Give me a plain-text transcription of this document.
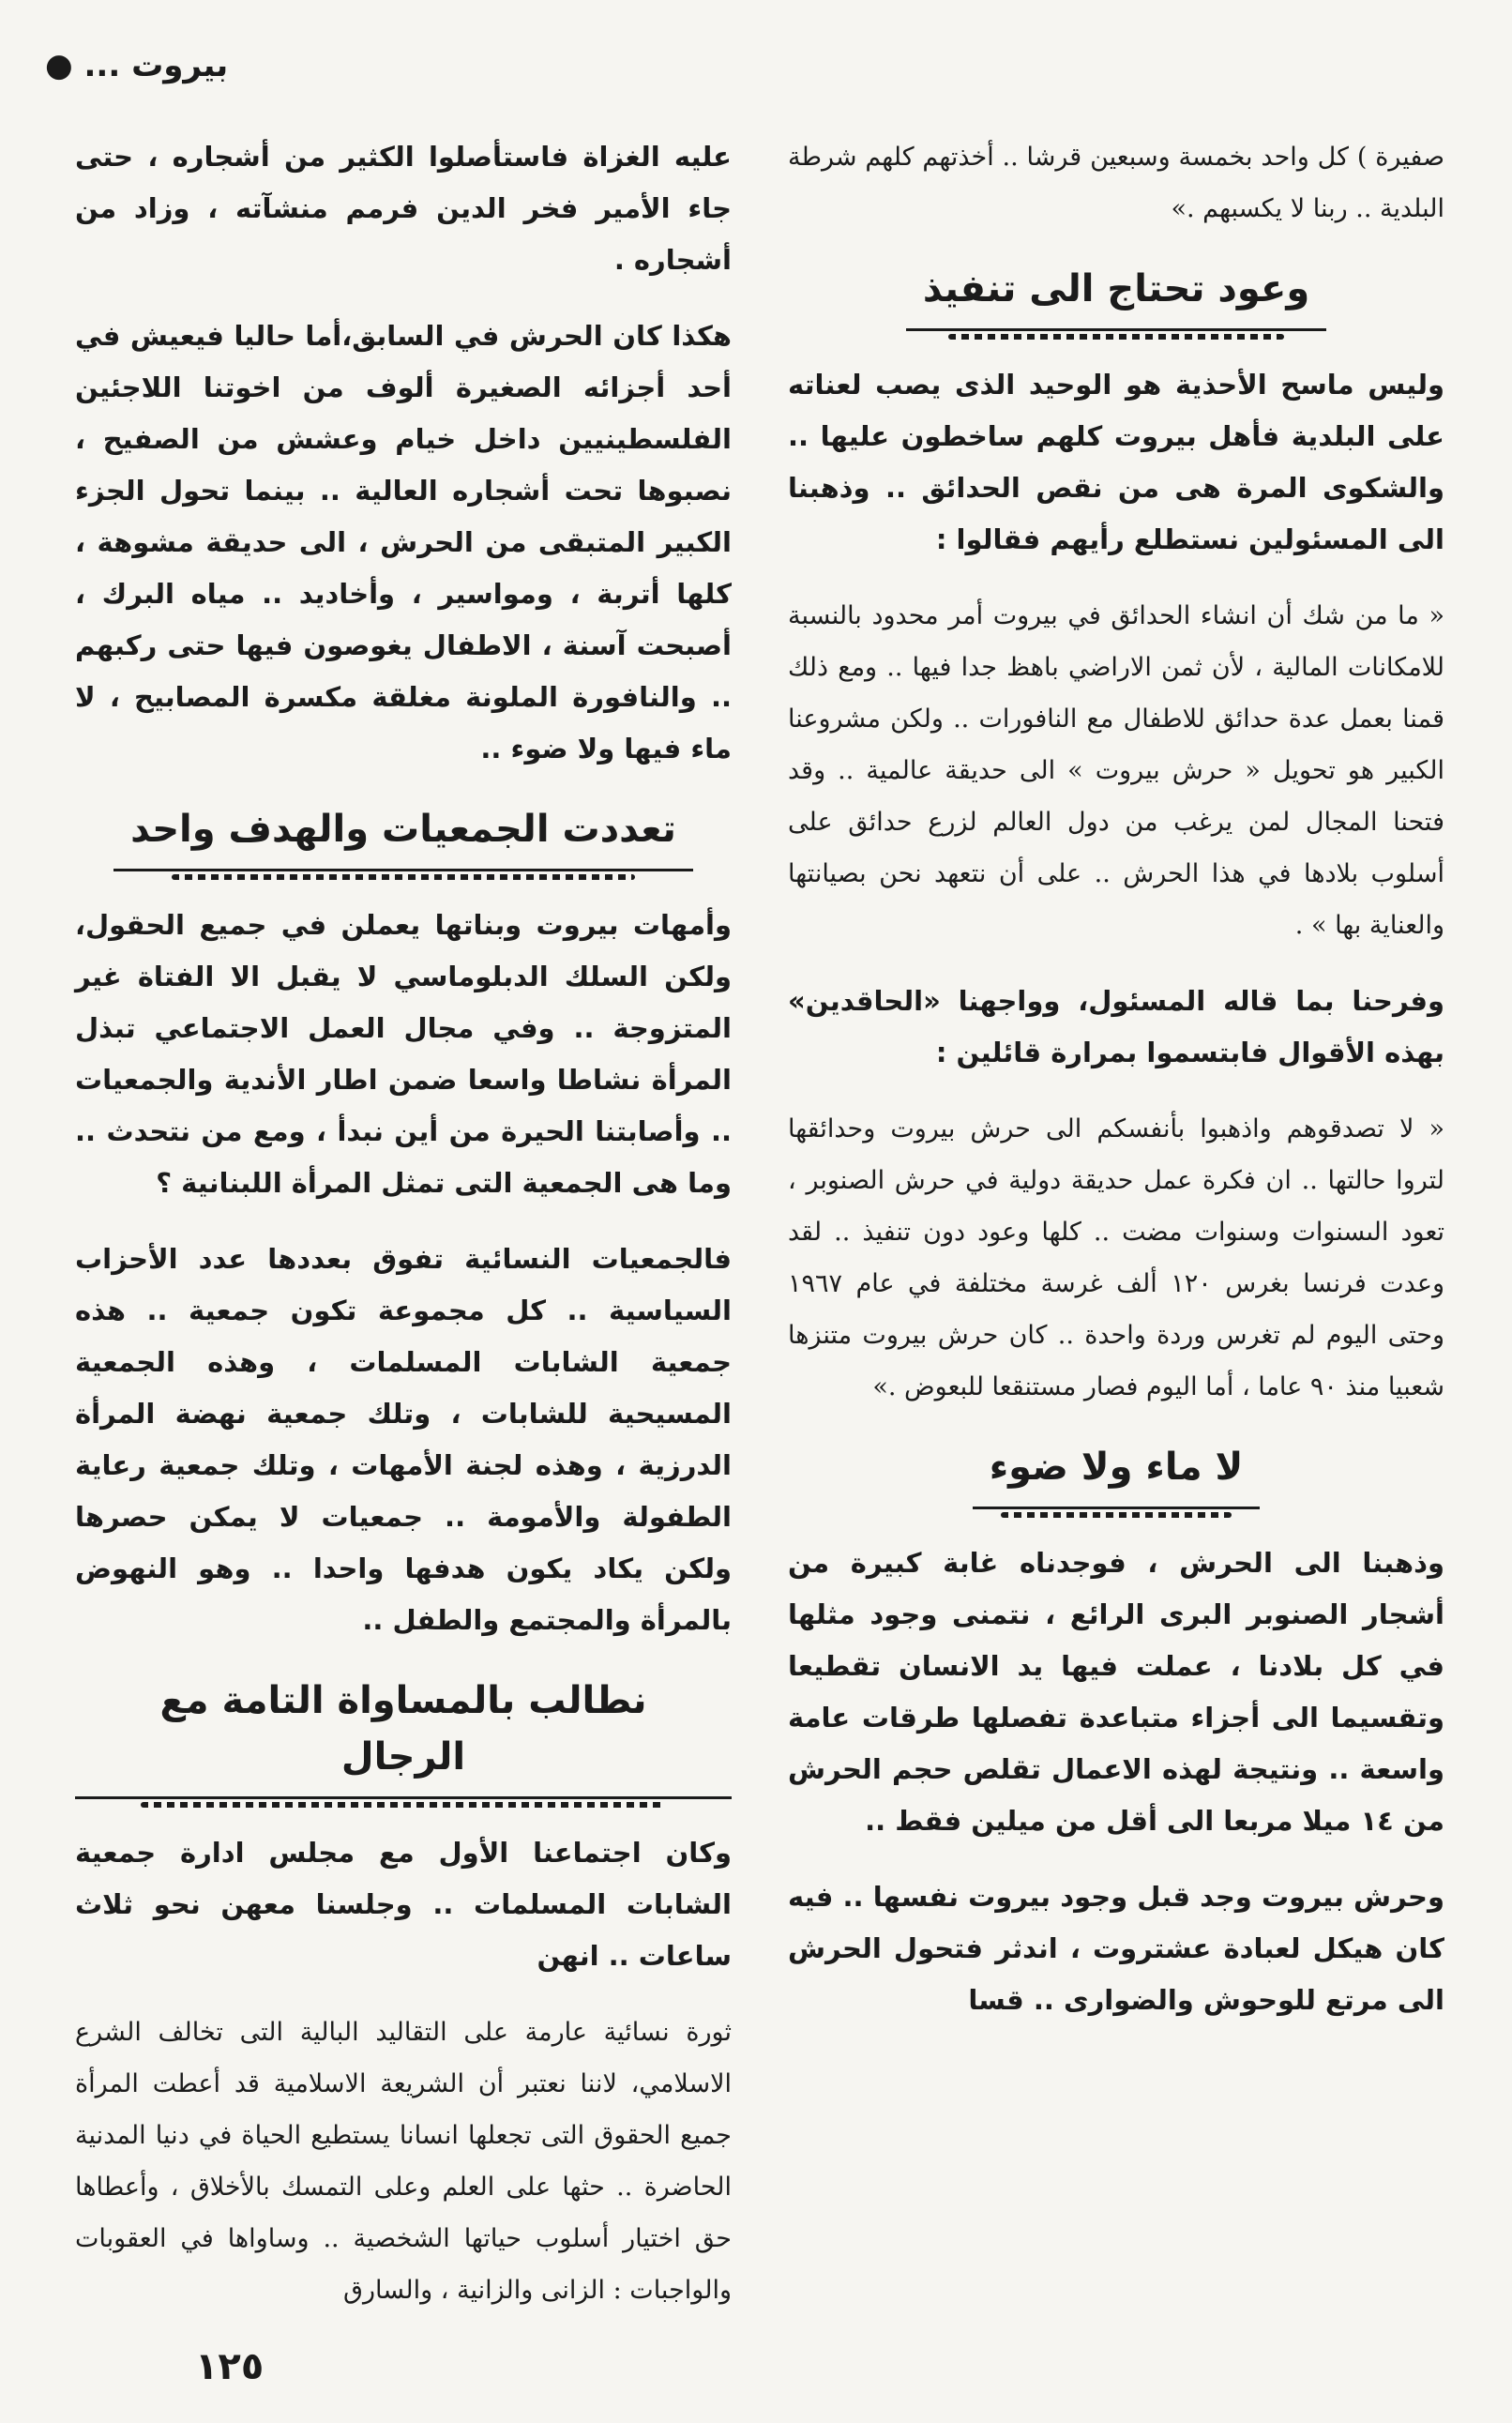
بيروت ... ●

صفيرة ) كل واحد بخمسة وسبعين قرشا .. أخذتهم كلهم شرطة البلدية .. ربنا لا يكسبهم .»

وعود تحتاج الى تنفيذ

وليس ماسح الأحذية هو الوحيد الذى يصب لعناته على البلدية فأهل بيروت كلهم ساخطون عليها .. والشكوى المرة هى من نقص الحدائق .. وذهبنا الى المسئولين نستطلع رأيهم فقالوا :

« ما من شك أن انشاء الحدائق في بيروت أمر محدود بالنسبة للامكانات المالية ، لأن ثمن الاراضي باهظ جدا فيها .. ومع ذلك قمنا بعمل عدة حدائق للاطفال مع النافورات .. ولكن مشروعنا الكبير هو تحويل « حرش بيروت » الى حديقة عالمية .. وقد فتحنا المجال لمن يرغب من دول العالم لزرع حدائق على أسلوب بلادها في هذا الحرش .. على أن نتعهد نحن بصيانتها والعناية بها » .

وفرحنا بما قاله المسئول، وواجهنا «الحاقدين» بهذه الأقوال فابتسموا بمرارة قائلين :

« لا تصدقوهم واذهبوا بأنفسكم الى حرش بيروت وحدائقها لتروا حالتها .. ان فكرة عمل حديقة دولية في حرش الصنوبر ، تعود الىسنوات وسنوات مضت .. كلها وعود دون تنفيذ .. لقد وعدت فرنسا بغرس ١٢٠ ألف غرسة مختلفة في عام ١٩٦٧ وحتى اليوم لم تغرس وردة واحدة .. كان حرش بيروت متنزها شعبيا منذ ٩٠ عاما ، أما اليوم فصار مستنقعا للبعوض .»

لا ماء ولا ضوء

وذهبنا الى الحرش ، فوجدناه غابة كبيرة من أشجار الصنوبر البرى الرائع ، نتمنى وجود مثلها في كل بلادنا ، عملت فيها يد الانسان تقطيعا وتقسيما الى أجزاء متباعدة تفصلها طرقات عامة واسعة .. ونتيجة لهذه الاعمال تقلص حجم الحرش من ١٤ ميلا مربعا الى أقل من ميلين فقط ..

وحرش بيروت وجد قبل وجود بيروت نفسها .. فيه كان هيكل لعبادة عشتروت ، اندثر فتحول الحرش الى مرتع للوحوش والضوارى .. قسا

عليه الغزاة فاستأصلوا الكثير من أشجاره ، حتى جاء الأمير فخر الدين فرمم منشآته ، وزاد من أشجاره .

هكذا كان الحرش في السابق،أما حاليا فيعيش في أحد أجزائه الصغيرة ألوف من اخوتنا اللاجئين الفلسطينيين داخل خيام وعشش من الصفيح ، نصبوها تحت أشجاره العالية .. بينما تحول الجزء الكبير المتبقى من الحرش ، الى حديقة مشوهة ، كلها أتربة ، ومواسير ، وأخاديد .. مياه البرك ، أصبحت آسنة ، الاطفال يغوصون فيها حتى ركبهم .. والنافورة الملونة مغلقة مكسرة المصابيح ، لا ماء فيها ولا ضوء ..

تعددت الجمعيات والهدف واحد

وأمهات بيروت وبناتها يعملن في جميع الحقول، ولكن السلك الدبلوماسي لا يقبل الا الفتاة غير المتزوجة .. وفي مجال العمل الاجتماعي تبذل المرأة نشاطا واسعا ضمن اطار الأندية والجمعيات .. وأصابتنا الحيرة من أين نبدأ ، ومع من نتحدث .. وما هى الجمعية التى تمثل المرأة اللبنانية ؟

فالجمعيات النسائية تفوق بعددها عدد الأحزاب السياسية .. كل مجموعة تكون جمعية .. هذه جمعية الشابات المسلمات ، وهذه الجمعية المسيحية للشابات ، وتلك جمعية نهضة المرأة الدرزية ، وهذه لجنة الأمهات ، وتلك جمعية رعاية الطفولة والأمومة .. جمعيات لا يمكن حصرها ولكن يكاد يكون هدفها واحدا .. وهو النهوض بالمرأة والمجتمع والطفل ..

نطالب بالمساواة التامة مع الرجال

وكان اجتماعنا الأول مع مجلس ادارة جمعية الشابات المسلمات .. وجلسنا معهن نحو ثلاث ساعات .. انهن

ثورة نسائية عارمة على التقاليد البالية التى تخالف الشرع الاسلامي، لاننا نعتبر أن الشريعة الاسلامية قد أعطت المرأة جميع الحقوق التى تجعلها انسانا يستطيع الحياة في دنيا المدنية الحاضرة .. حثها على العلم وعلى التمسك بالأخلاق ، وأعطاها حق اختيار أسلوب حياتها الشخصية .. وساواها في العقوبات والواجبات : الزانى والزانية ، والسارق

١٢٥
